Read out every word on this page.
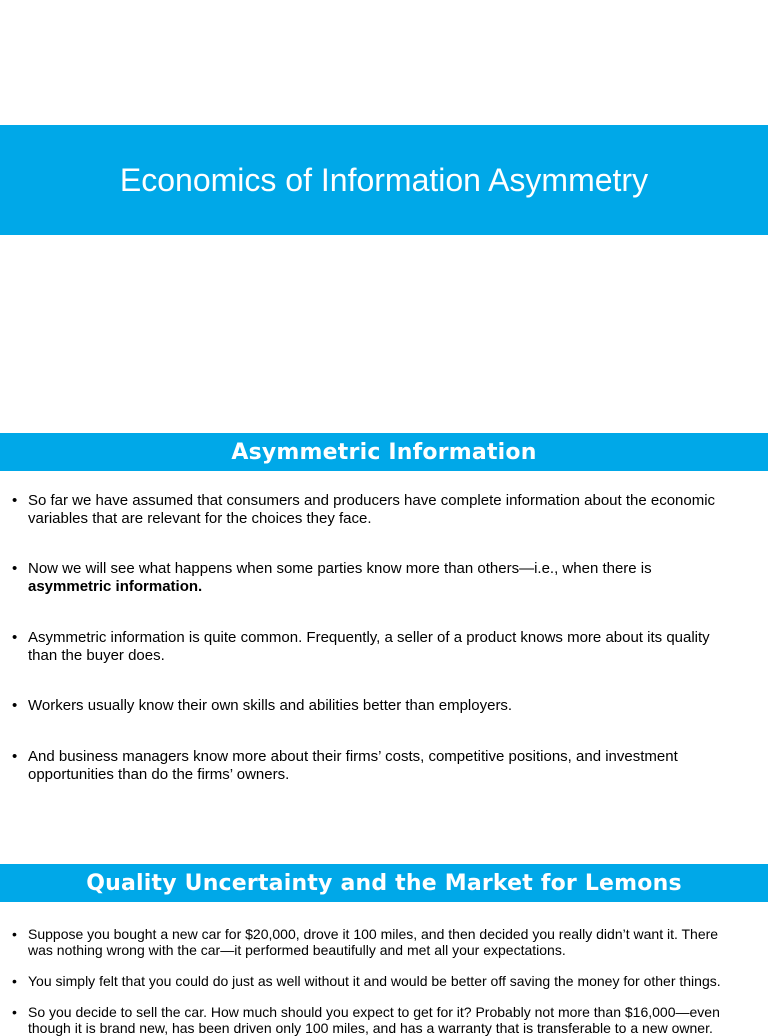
Economics of Information Asymmetry
Asymmetric Information
• So far we have assumed that consumers and producers have complete information about the economic variables that are relevant for the choices they face.
• Now we will see what happens when some parties know more than others—i.e., when there is
asymmetric information.
• Asymmetric information is quite common. Frequently, a seller of a product knows more about its quality than the buyer does.
• Workers usually know their own skills and abilities better than employers.
• And business managers know more about their firms’ costs, competitive positions, and investment opportunities than do the firms’ owners.
Quality Uncertainty and the Market for Lemons
• Suppose you bought a new car for $20,000, drove it 100 miles, and then decided you really didn’t want it. There was nothing wrong with the car—it performed beautifully and met all your expectations.
• You simply felt that you could do just as well without it and would be better off saving the money for other things.
• So you decide to sell the car. How much should you expect to get for it? Probably not more than $16,000—even though it is brand new, has been driven only 100 miles, and has a warranty that is transferable to a new owner.
